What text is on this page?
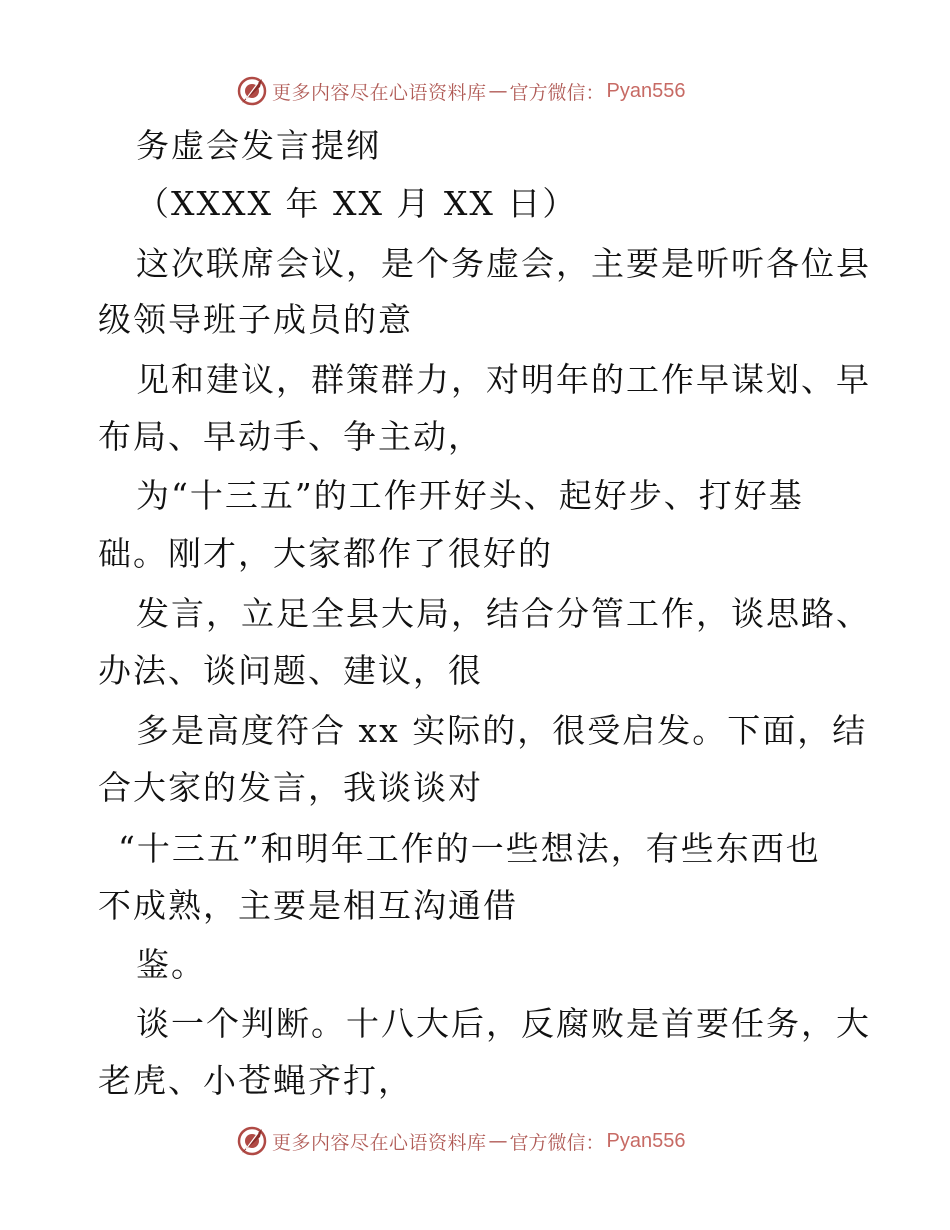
更多内容尽在心语资料库 — 官方微信： Pyan556
务虚会发言提纲
（XXXX 年 XX 月 XX 日）
这次联席会议，是个务虚会，主要是听听各位县
级领导班子成员的意
见和建议，群策群力，对明年的工作早谋划、早
布局、早动手、争主动，
为“十三五”的工作开好头、起好步、打好基
础。刚才，大家都作了很好的
发言，立足全县大局，结合分管工作，谈思路、
办法、谈问题、建议，很
多是高度符合 xx 实际的，很受启发。下面，结
合大家的发言，我谈谈对
“十三五”和明年工作的一些想法，有些东西也
不成熟，主要是相互沟通借
鉴。
谈一个判断。十八大后，反腐败是首要任务，大
老虎、小苍蝇齐打，
更多内容尽在心语资料库 — 官方微信： Pyan556
